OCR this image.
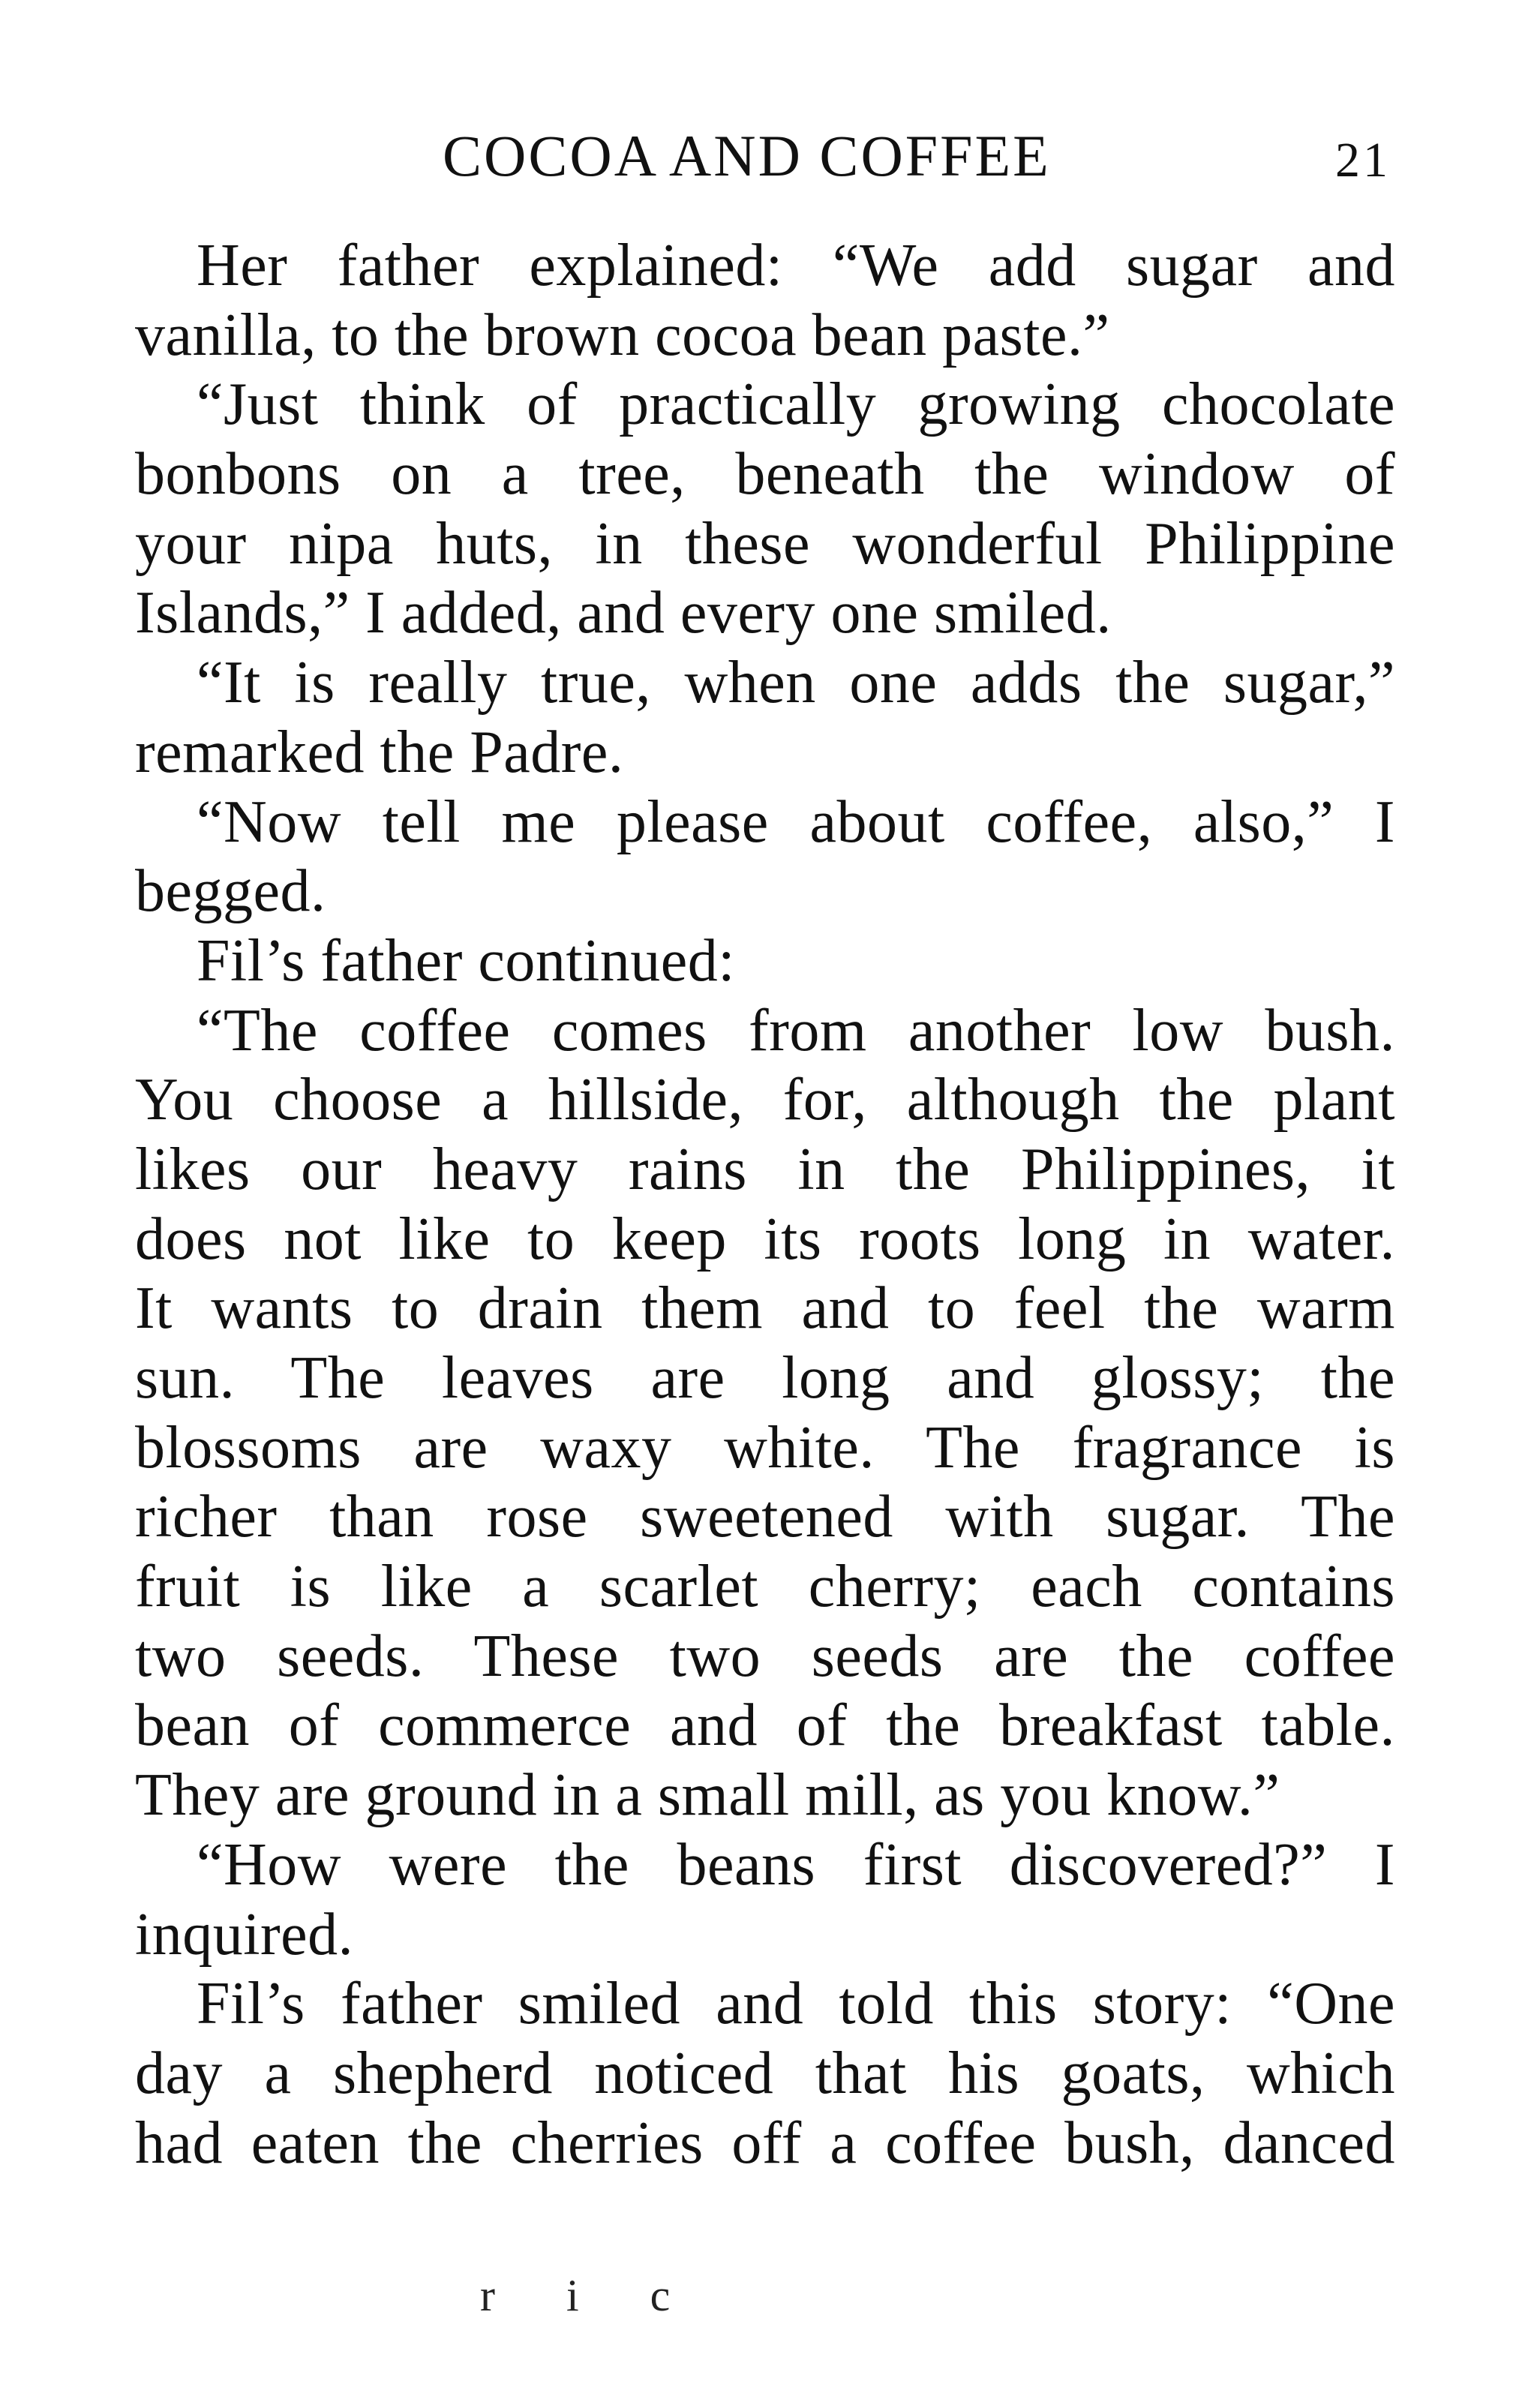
COCOA AND COFFEE	21
Her father explained: “We add sugar and
vanilla, to the brown cocoa bean paste.”
“Just think of practically growing chocolate
bonbons on a tree, beneath the window of
your nipa huts, in these wonderful Philippine
Islands,” I added, and every one smiled.
“It is really true, when one adds the sugar,”
remarked the Padre.
“Now tell me please about coffee, also,” I
begged.
Fil’s father continued:
“The coffee comes from another low bush.
You choose a hillside, for, although the plant
likes our heavy rains in the Philippines, it
does not like to keep its roots long in water.
It wants to drain them and to feel the warm
sun. The leaves are long and glossy; the
blossoms are waxy white. The fragrance is
richer than rose sweetened with sugar. The
fruit is like a scarlet cherry; each contains
two seeds. These two seeds are the coffee
bean of commerce and of the breakfast table.
They are ground in a small mill, as you know.”
“How were the beans first discovered?” I
inquired.
Fil’s father smiled and told this story: “One
day a shepherd noticed that his goats, which
had eaten the cherries off a coffee bush, danced
r i c
